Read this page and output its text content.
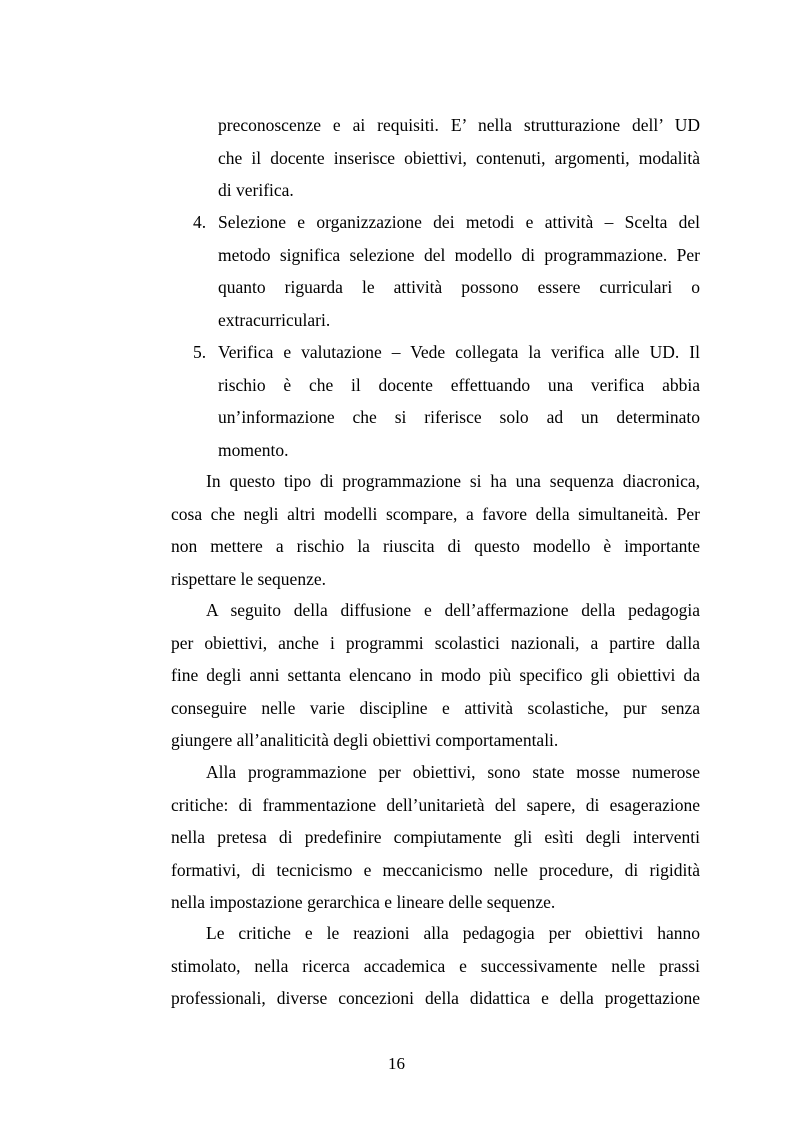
preconoscenze e ai requisiti. E’ nella strutturazione dell’ UD
che il docente inserisce obiettivi, contenuti, argomenti, modalità
di verifica.
4. Selezione e organizzazione dei metodi e attività – Scelta del
metodo significa selezione del modello di programmazione. Per
quanto riguarda le attività possono essere curriculari o
extracurriculari.
5. Verifica e valutazione – Vede collegata la verifica alle UD. Il
rischio è che il docente effettuando una verifica abbia
un’informazione che si riferisce solo ad un determinato
momento.
In questo tipo di programmazione si ha una sequenza diacronica,
cosa che negli altri modelli scompare, a favore della simultaneità. Per
non mettere a rischio la riuscita di questo modello è importante
rispettare le sequenze.
A seguito della diffusione e dell’affermazione della pedagogia
per obiettivi, anche i programmi scolastici nazionali, a partire dalla
fine degli anni settanta elencano in modo più specifico gli obiettivi da
conseguire nelle varie discipline e attività scolastiche, pur senza
giungere all’analiticità degli obiettivi comportamentali.
Alla programmazione per obiettivi, sono state mosse numerose
critiche: di frammentazione dell’unitarietà del sapere, di esagerazione
nella pretesa di predefinire compiutamente gli esìti degli interventi
formativi, di tecnicismo e meccanicismo nelle procedure, di rigidità
nella impostazione gerarchica e lineare delle sequenze.
Le critiche e le reazioni alla pedagogia per obiettivi hanno
stimolato, nella ricerca accademica e successivamente nelle prassi
professionali, diverse concezioni della didattica e della progettazione
16
